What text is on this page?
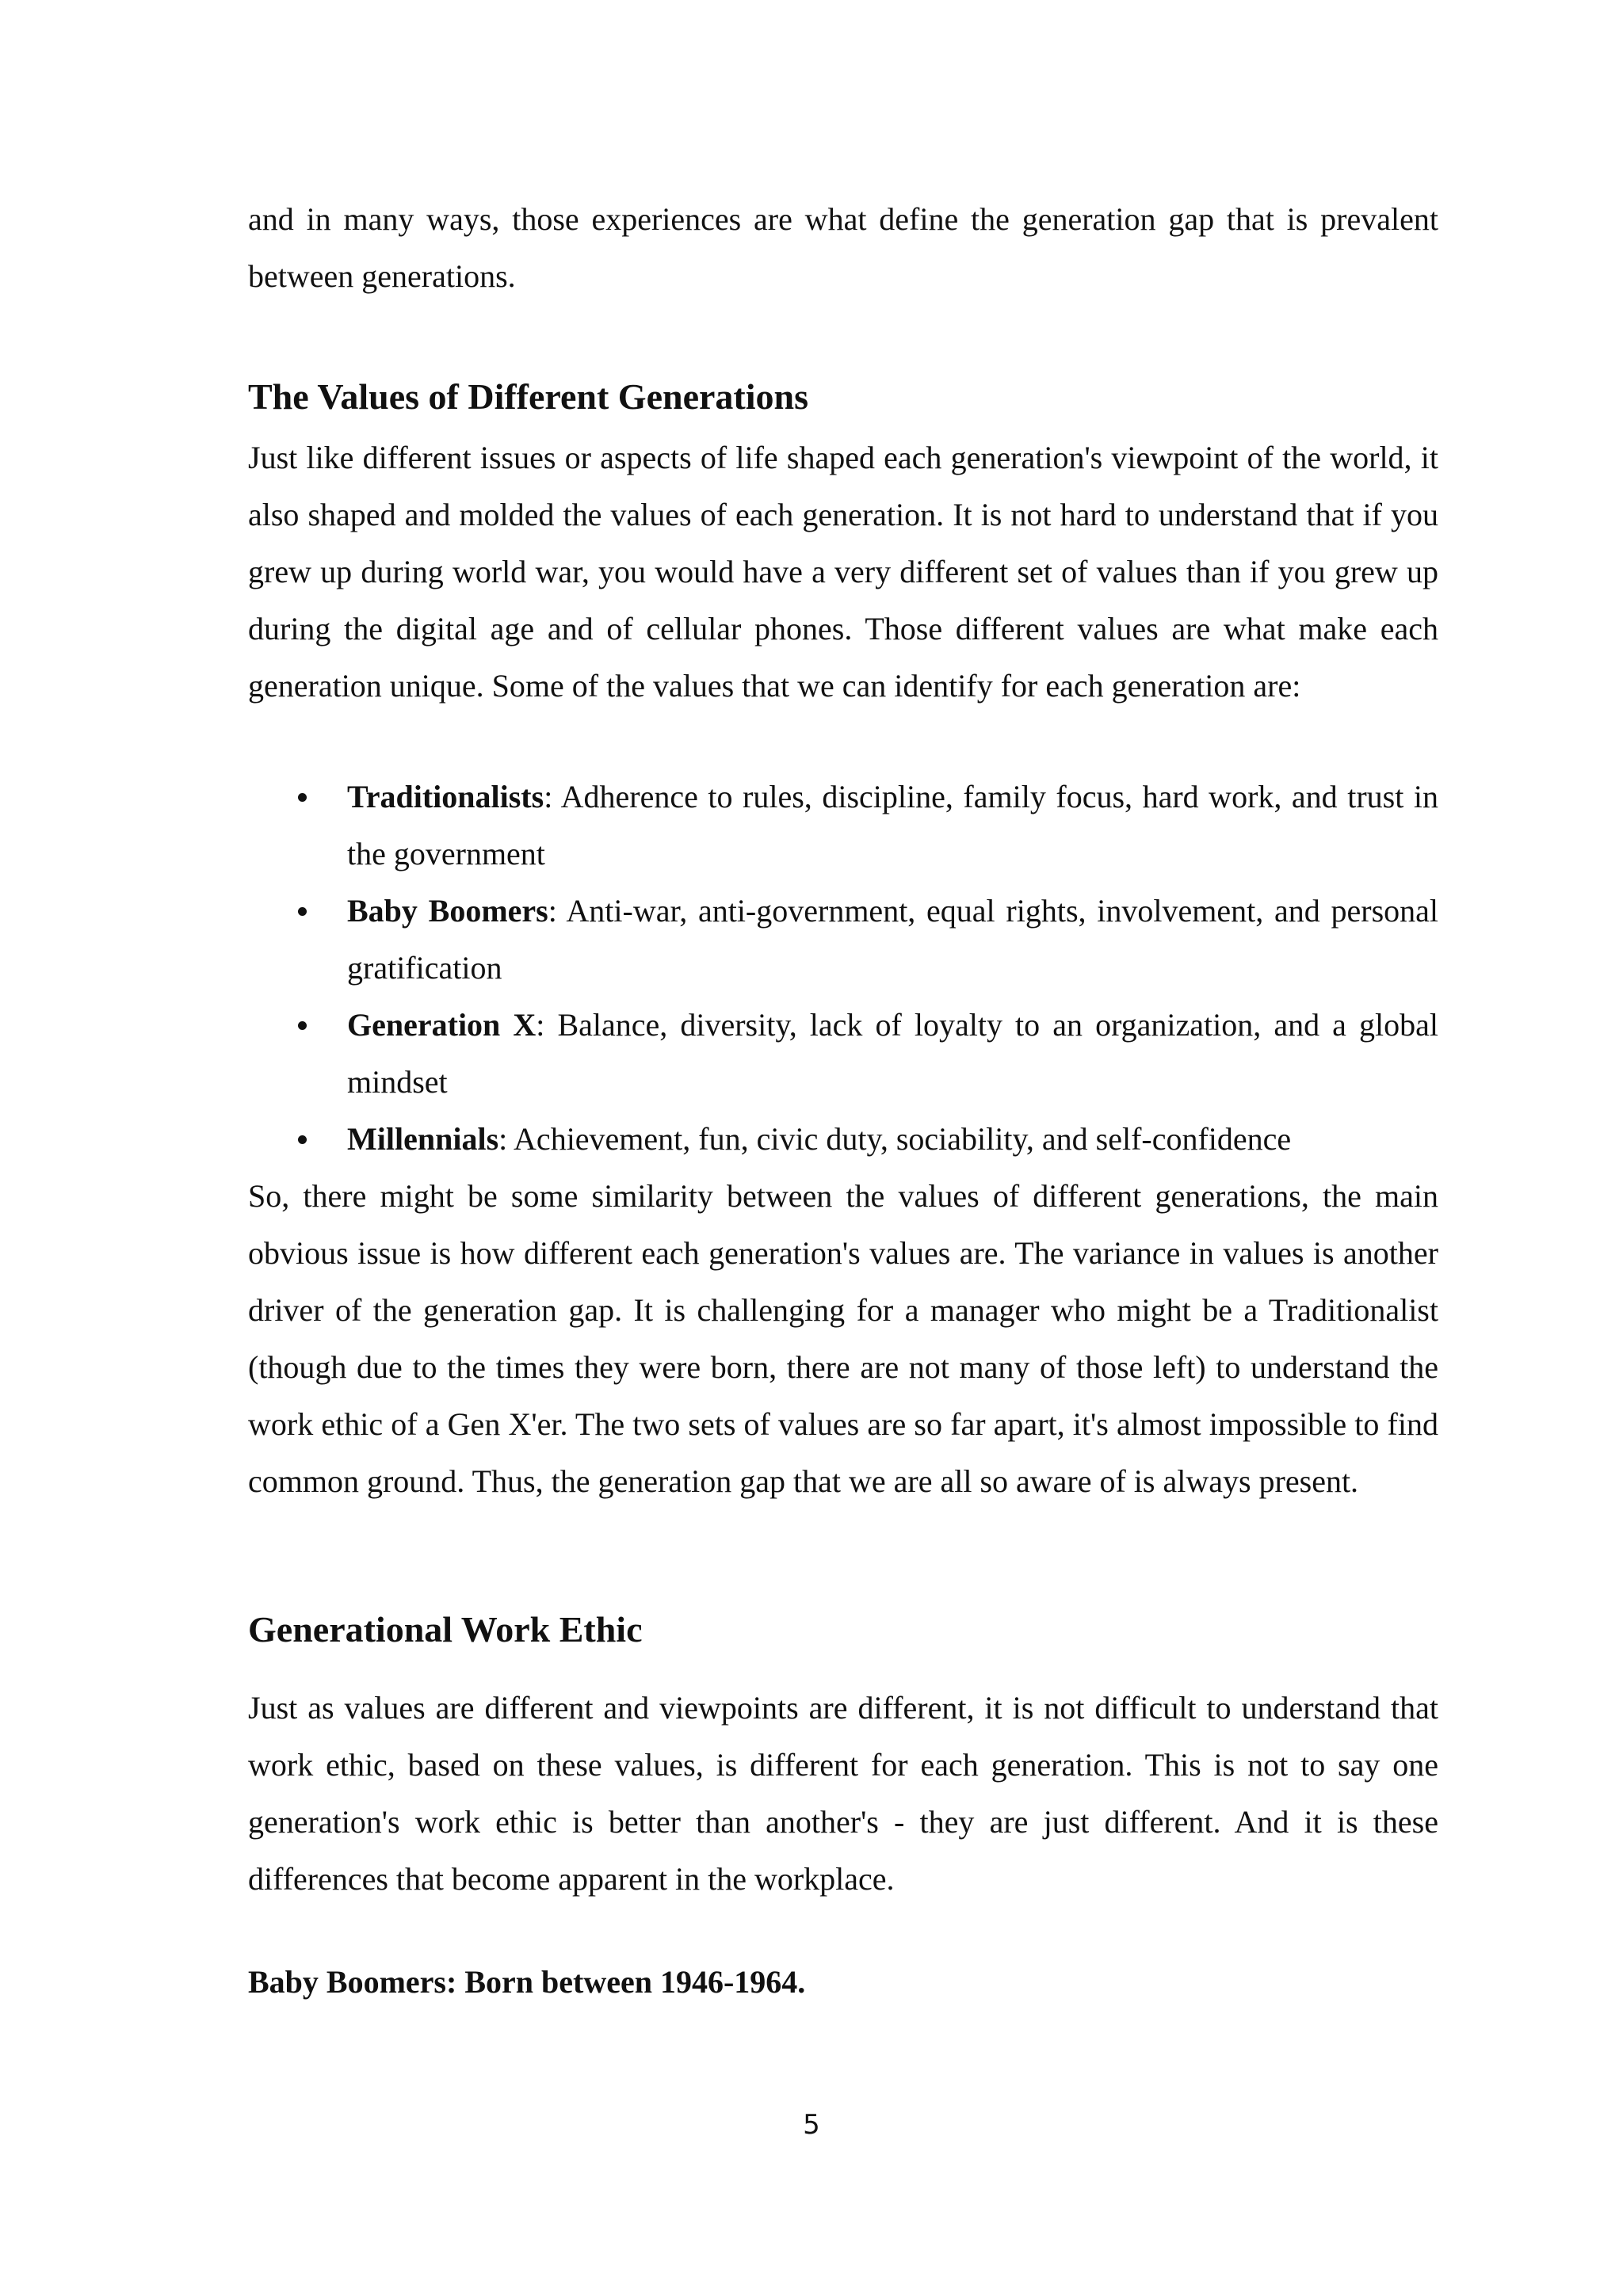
and in many ways, those experiences are what define the generation gap that is prevalent between generations.

The Values of Different Generations

Just like different issues or aspects of life shaped each generation's viewpoint of the world, it also shaped and molded the values of each generation. It is not hard to understand that if you grew up during world war, you would have a very different set of values than if you grew up during the digital age and of cellular phones. Those different values are what make each generation unique. Some of the values that we can identify for each generation are:

Traditionalists: Adherence to rules, discipline, family focus, hard work, and trust in the government
Baby Boomers: Anti-war, anti-government, equal rights, involvement, and personal gratification
Generation X: Balance, diversity, lack of loyalty to an organization, and a global mindset
Millennials: Achievement, fun, civic duty, sociability, and self-confidence

So, there might be some similarity between the values of different generations, the main obvious issue is how different each generation's values are. The variance in values is another driver of the generation gap. It is challenging for a manager who might be a Traditionalist (though due to the times they were born, there are not many of those left) to understand the work ethic of a Gen X'er. The two sets of values are so far apart, it's almost impossible to find common ground. Thus, the generation gap that we are all so aware of is always present.

Generational Work Ethic

Just as values are different and viewpoints are different, it is not difficult to understand that work ethic, based on these values, is different for each generation. This is not to say one generation's work ethic is better than another's - they are just different. And it is these differences that become apparent in the workplace.

Baby Boomers: Born between 1946-1964.
5
